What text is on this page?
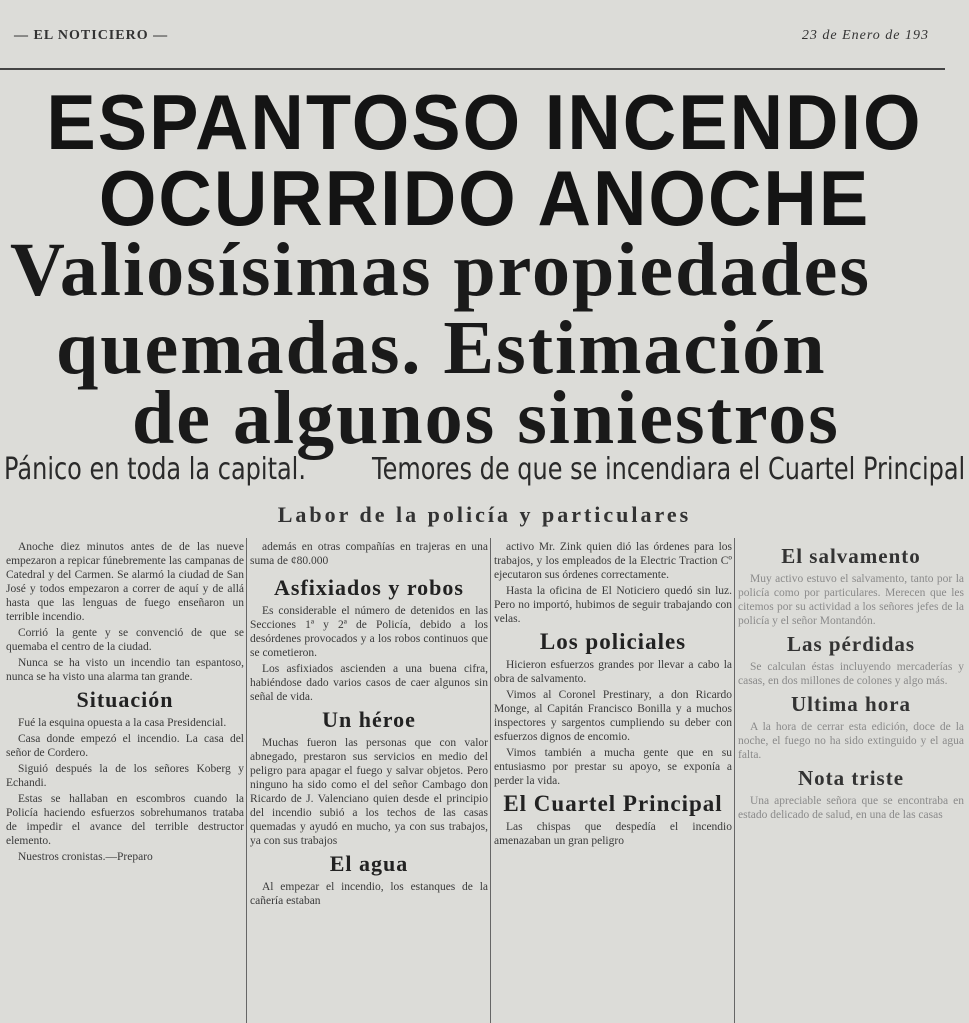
— EL NOTICIERO —	23 de Enero de 193
ESPANTOSO INCENDIO
OCURRIDO ANOCHE
Valiosísimas propiedades
quemadas. Estimación
de algunos siniestros
Pánico en toda la capital. Temores de que se incendiara el Cuartel Principal
Labor de la policía y particulares

Anoche diez minutos antes de de las nueve empezaron a repicar fúnebremente las campanas de Catedral y del Carmen. Se alarmó la ciudad de San José y todos empezaron a correr de aquí y de allá hasta que las lenguas de fuego enseñaron un terrible incendio.

Corrió la gente y se convenció de que se quemaba el centro de la ciudad.

Nunca se ha visto un incendio tan espantoso, nunca se ha visto una alarma tan grande.

Situación

Fué la esquina opuesta a la casa Presidencial.

Casa donde empezó el incendio. La casa del señor de Cordero.

Siguió después la de los señores Koberg y Echandi.

Estas se hallaban en escombros cuando la Policía haciendo esfuerzos sobrehumanos trataba de impedir el avance del terrible destructor elemento.

Nuestros cronistas.—Preparo

además en otras compañías en trajeras en una suma de ¢80.000

Asfixiados y robos

Es considerable el número de detenidos en las Secciones 1ª y 2ª de Policía, debido a los desórdenes provocados y a los robos continuos que se cometieron.

Los asfixiados ascienden a una buena cifra, habiéndose dado varios casos de caer algunos sin señal de vida.

Un héroe

Muchas fueron las personas que con valor abnegado, prestaron sus servicios en medio del peligro para apagar el fuego y salvar objetos. Pero ninguno ha sido como el del señor Cambago don Ricardo de J. Valenciano quien desde el principio del incendio subió a los techos de las casas quemadas y ayudó en mucho, ya con sus trabajos, ya con sus trabajos

El agua

Al empezar el incendio, los estanques de la cañería estaban

activo Mr. Zink quien dió las órdenes para los trabajos, y los empleados de la Electric Traction Cº ejecutaron sus órdenes correctamente.

Hasta la oficina de El Noticiero quedó sin luz. Pero no importó, hubimos de seguir trabajando con velas.

Los policiales

Hicieron esfuerzos grandes por llevar a cabo la obra de salvamento.

Vimos al Coronel Prestinary, a don Ricardo Monge, al Capitán Francisco Bonilla y a muchos inspectores y sargentos cumpliendo su deber con esfuerzos dignos de encomio.

Vimos también a mucha gente que en su entusiasmo por prestar su apoyo, se exponía a perder la vida.

El Cuartel Principal

Las chispas que despedía el incendio amenazaban un gran peligro

El salvamento

Muy activo estuvo el salvamento, tanto por la policía como por particulares. Merecen que les citemos por su actividad a los señores jefes de la policía y el señor Montandón.

Las pérdidas

Se calculan éstas incluyendo mercaderías y casas, en dos millones de colones y algo más.

Ultima hora

A la hora de cerrar esta edición, doce de la noche, el fuego no ha sido extinguido y el agua falta.

Nota triste

Una apreciable señora que se encontraba en estado delicado de salud, en una de las casas
